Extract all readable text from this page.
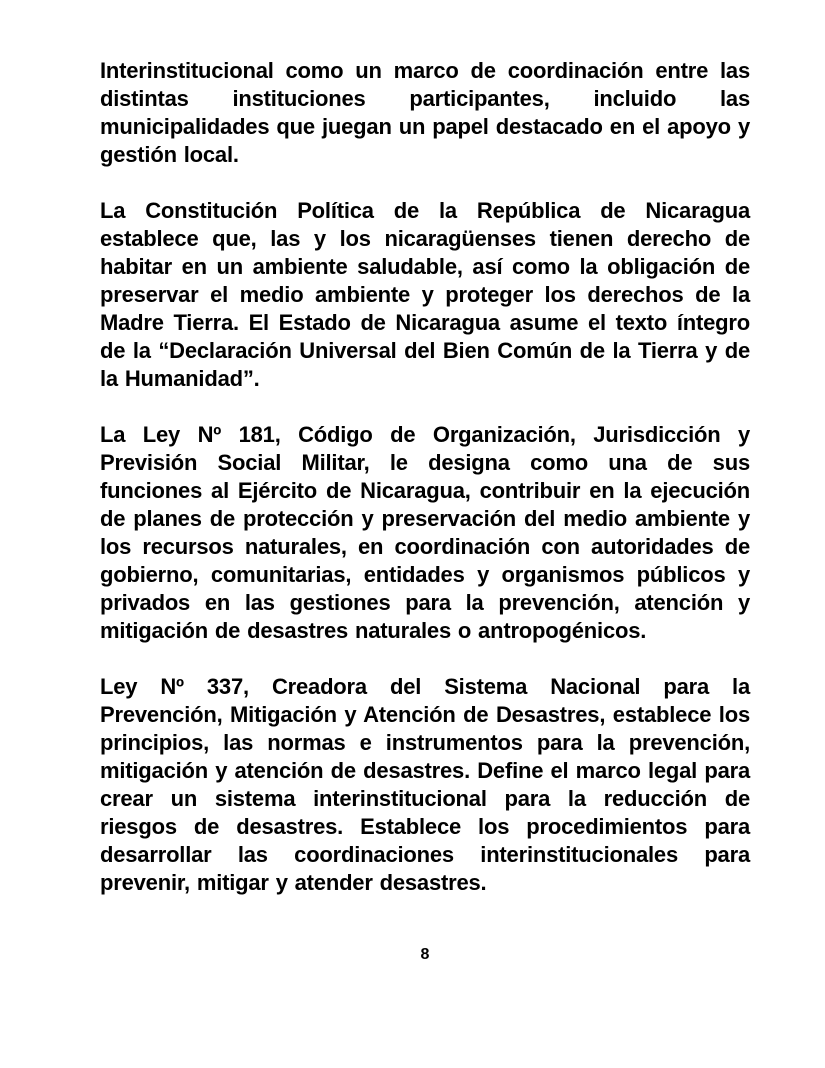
Interinstitucional como un marco de coordinación entre las distintas instituciones participantes, incluido las municipalidades que juegan un papel destacado en el apoyo y gestión local.

La Constitución Política de la República de Nicaragua establece que, las y los nicaragüenses tienen derecho de habitar en un ambiente saludable, así como la obligación de preservar el medio ambiente y proteger los derechos de la Madre Tierra. El Estado de Nicaragua asume el texto íntegro de la “Declaración Universal del Bien Común de la Tierra y de la Humanidad”.

La Ley Nº 181, Código de Organización, Jurisdicción y Previsión Social Militar, le designa como una de sus funciones al Ejército de Nicaragua, contribuir en la ejecución de planes de protección y preservación del medio ambiente y los recursos naturales, en coordinación con autoridades de gobierno, comunitarias, entidades y organismos públicos y privados en las gestiones para la prevención, atención y mitigación de desastres naturales o antropogénicos.

Ley Nº 337, Creadora del Sistema Nacional para la Prevención, Mitigación y Atención de Desastres, establece los principios, las normas e instrumentos para la prevención, mitigación y atención de desastres. Define el marco legal para crear un sistema interinstitucional para la reducción de riesgos de desastres. Establece los procedimientos para desarrollar las coordinaciones interinstitucionales para prevenir, mitigar y atender desastres.

8
